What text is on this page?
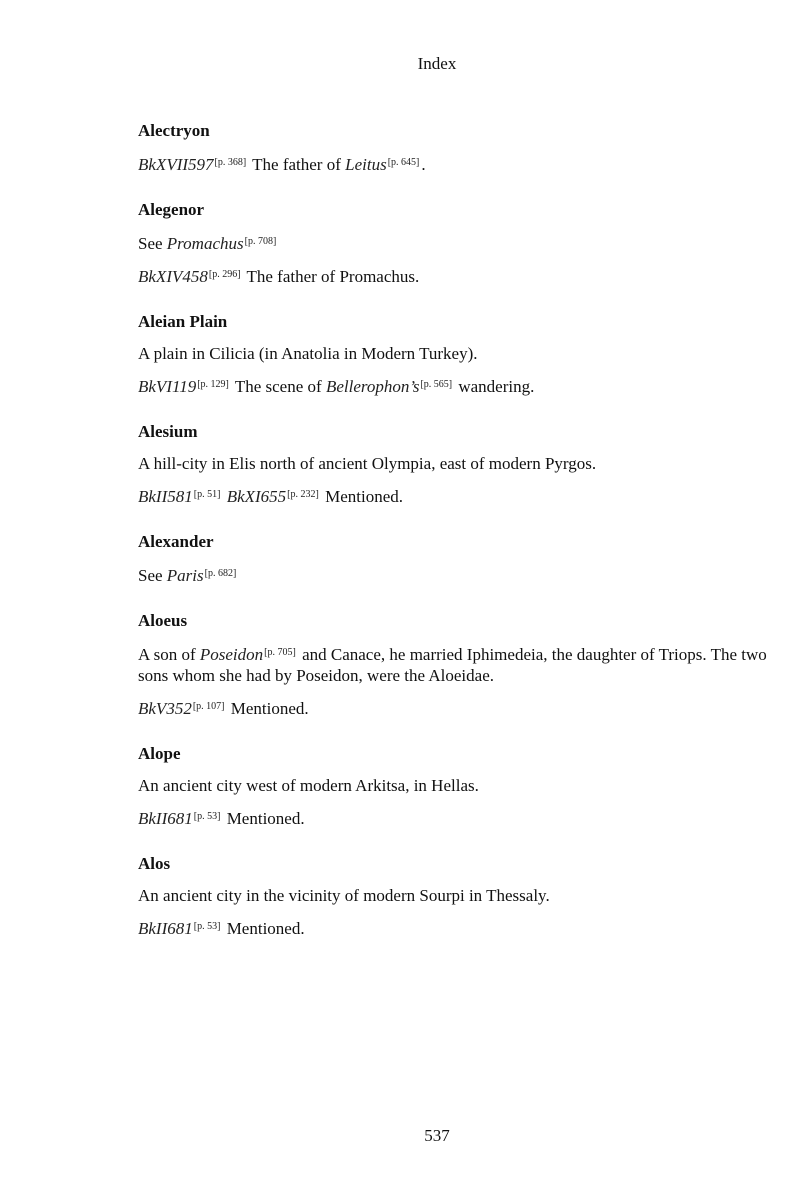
Index
Alectryon
BkXVII597[p. 368] The father of Leitus[p. 645] .
Alegenor
See Promachus[p. 708]
BkXIV458[p. 296] The father of Promachus.
Aleian Plain
A plain in Cilicia (in Anatolia in Modern Turkey).
BkVI119[p. 129] The scene of Bellerophon’s[p. 565] wandering.
Alesium
A hill-city in Elis north of ancient Olympia, east of modern Pyrgos.
BkII581[p. 51] BkXI655[p. 232] Mentioned.
Alexander
See Paris[p. 682]
Aloeus
A son of Poseidon[p. 705] and Canace, he married Iphimedeia, the daughter of Triops. The two sons whom she had by Poseidon, were the Aloeidae.
BkV352[p. 107] Mentioned.
Alope
An ancient city west of modern Arkitsa, in Hellas.
BkII681[p. 53] Mentioned.
Alos
An ancient city in the vicinity of modern Sourpi in Thessaly.
BkII681[p. 53] Mentioned.
537
